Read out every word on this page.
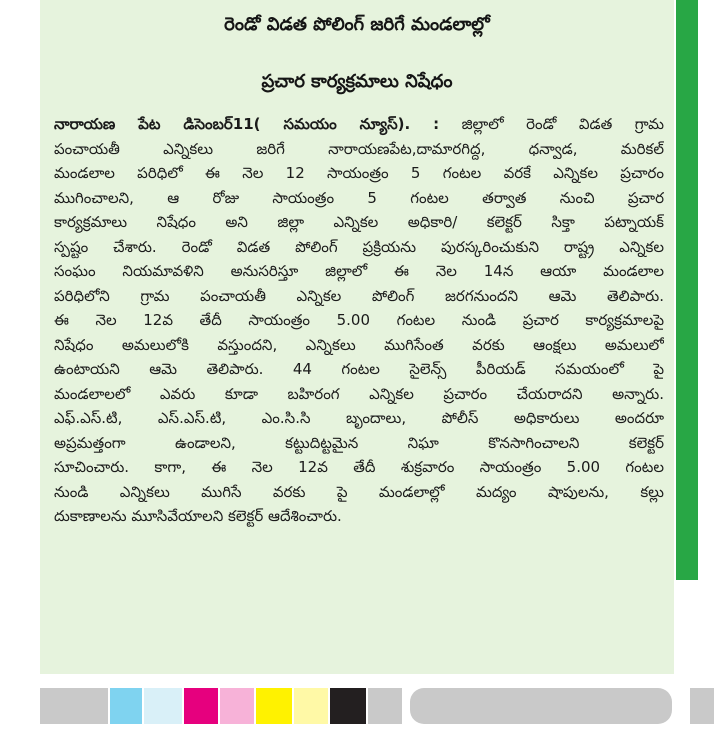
రెండో విడత పోలింగ్ జరిగే మండలాల్లో
ప్రచార కార్యక్రమాలు నిషేధం
నారాయణ పేట డిసెంబర్11( సమయం న్యూస్). : జిల్లాలో రెండో విడత గ్రామ
పంచాయతీ ఎన్నికలు జరిగే నారాయణపేట,దామారగిద్ద, ధన్వాడ, మరికల్
మండలాల పరిధిలో ఈ నెల 12 సాయంత్రం 5 గంటల వరకే ఎన్నికల ప్రచారం
ముగించాలని, ఆ రోజు సాయంత్రం 5 గంటల తర్వాత నుంచి ప్రచార
కార్యక్రమాలు నిషేధం అని జిల్లా ఎన్నికల అధికారి/ కలెక్టర్ సిక్తా పట్నాయక్
స్పష్టం చేశారు. రెండో విడత పోలింగ్ ప్రక్రియను పురస్కరించుకుని రాష్ట్ర ఎన్నికల
సంఘం నియమావళిని అనుసరిస్తూ జిల్లాలో ఈ నెల 14న ఆయా మండలాల
పరిధిలోని గ్రామ పంచాయతీ ఎన్నికల పోలింగ్ జరగనుందని ఆమె తెలిపారు.
ఈ నెల 12వ తేదీ సాయంత్రం 5.00 గంటల నుండి ప్రచార కార్యక్రమాలపై
నిషేధం అమలులోకి వస్తుందని, ఎన్నికలు ముగిసేంత వరకు ఆంక్షలు అమలులో
ఉంటాయని ఆమె తెలిపారు. 44 గంటల సైలెన్స్ పీరియడ్ సమయంలో పై
మండలాలలో ఎవరు కూడా బహిరంగ ఎన్నికల ప్రచారం చేయరాదని అన్నారు.
ఎఫ్.ఎస్.టి, ఎస్.ఎస్.టి, ఎం.సి.సి బృందాలు, పోలీస్ అధికారులు అందరూ
అప్రమత్తంగా ఉండాలని, కట్టుదిట్టమైన నిఘా కొనసాగించాలని కలెక్టర్
సూచించారు. కాగా, ఈ నెల 12వ తేదీ శుక్రవారం సాయంత్రం 5.00 గంటల
నుండి ఎన్నికలు ముగిసే వరకు పై మండలాల్లో మద్యం షాపులను, కల్లు
దుకాణాలను మూసివేయాలని కలెక్టర్ ఆదేశించారు.
